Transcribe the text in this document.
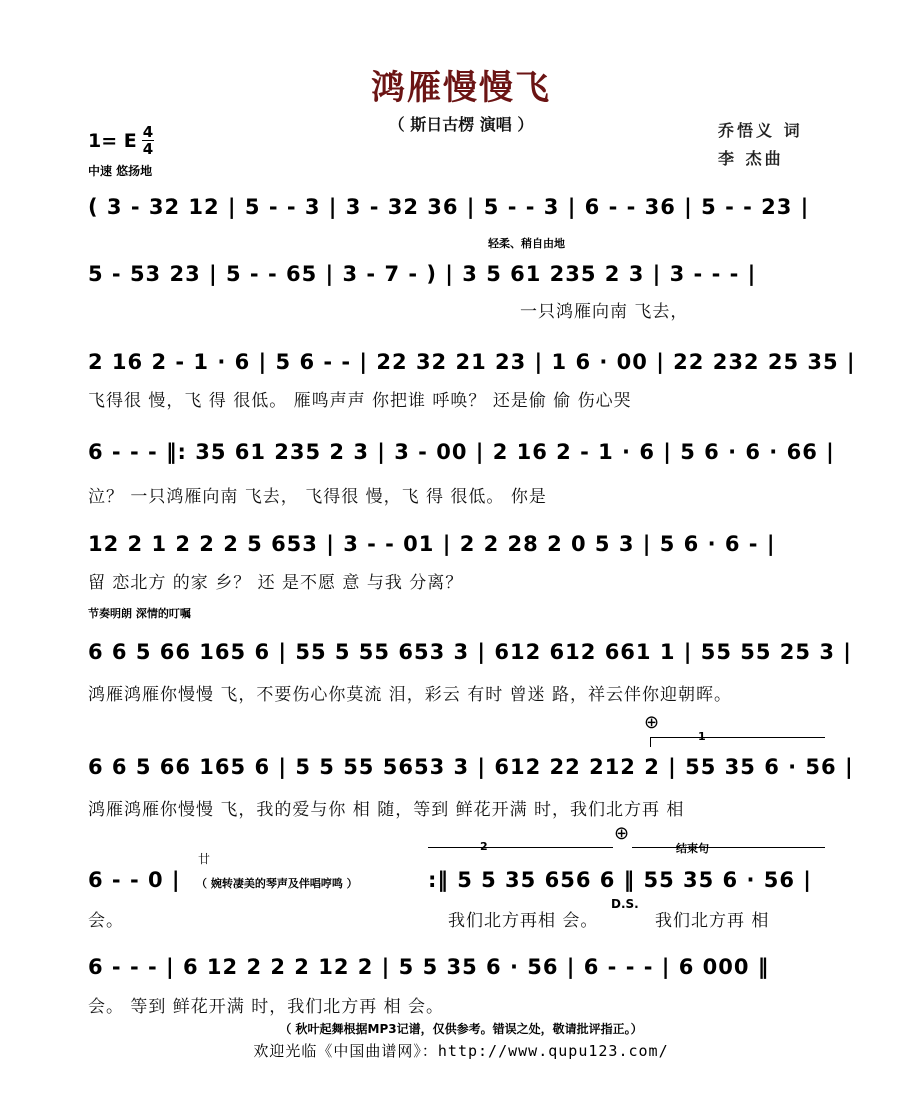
鸿雁慢慢飞
（ 斯日古楞 演唱 ）	乔悟义 词
李 杰曲
1= E 4
4
中速 悠扬地
( 3 - 32 12 | 5 - - 3 | 3 - 32 36 | 5 - - 3 | 6 - - 36 | 5 - - 23 |
轻柔、稍自由地
5 - 53 23 | 5 - - 65 | 3 - 7 - ) | 3 5 61 235 2 3 | 3 - - - |
一只鸿雁向南 飞去，
2 16 2 - 1 · 6 | 5 6 - - | 22 32 21 23 | 1 6 · 00 | 22 232 25 35 |
飞得很 慢，飞 得 很低。 雁鸣声声 你把谁 呼唤？ 还是偷 偷 伤心哭
6 - - - ‖: 35 61 235 2 3 | 3 - 00 | 2 16 2 - 1 · 6 | 5 6 · 6 · 66 |
泣？ 一只鸿雁向南 飞去， 飞得很 慢，飞 得 很低。 你是
12 2 1 2 2 2 5 653 | 3 - - 01 | 2 2 28 2 0 5 3 | 5 6 · 6 - |
留 恋北方 的家 乡？ 还 是不愿 意 与我 分离？
节奏明朗 深情的叮嘱
6 6 5 66 165 6 | 55 5 55 653 3 | 612 612 661 1 | 55 55 25 3 |
鸿雁鸿雁你慢慢 飞，不要伤心你莫流 泪，彩云 有时 曾迷 路，祥云伴你迎朝晖。
⊕
1
6 6 5 66 165 6 | 5 5 55 5653 3 | 612 22 212 2 | 55 35 6 · 56 |
鸿雁鸿雁你慢慢 飞，我的爱与你 相 随，等到 鲜花开满 时，我们北方再 相
2
⊕
结束句
廿
6 - - 0 | （ 婉转凄美的琴声及伴唱哼鸣 ）	:‖ 5 5 35 656 6 ‖ 55 35 6 · 56 |
会。	我们北方再相 会。
D.S.
我们北方再 相
6 - - - | 6 12 2 2 2 12 2 | 5 5 35 6 · 56 | 6 - - - | 6 000 ‖
会。 等到 鲜花开满 时，我们北方再 相 会。
（ 秋叶起舞根据MP3记谱，仅供参考。错误之处，敬请批评指正。）
欢迎光临《中国曲谱网》：http://www.qupu123.com/
